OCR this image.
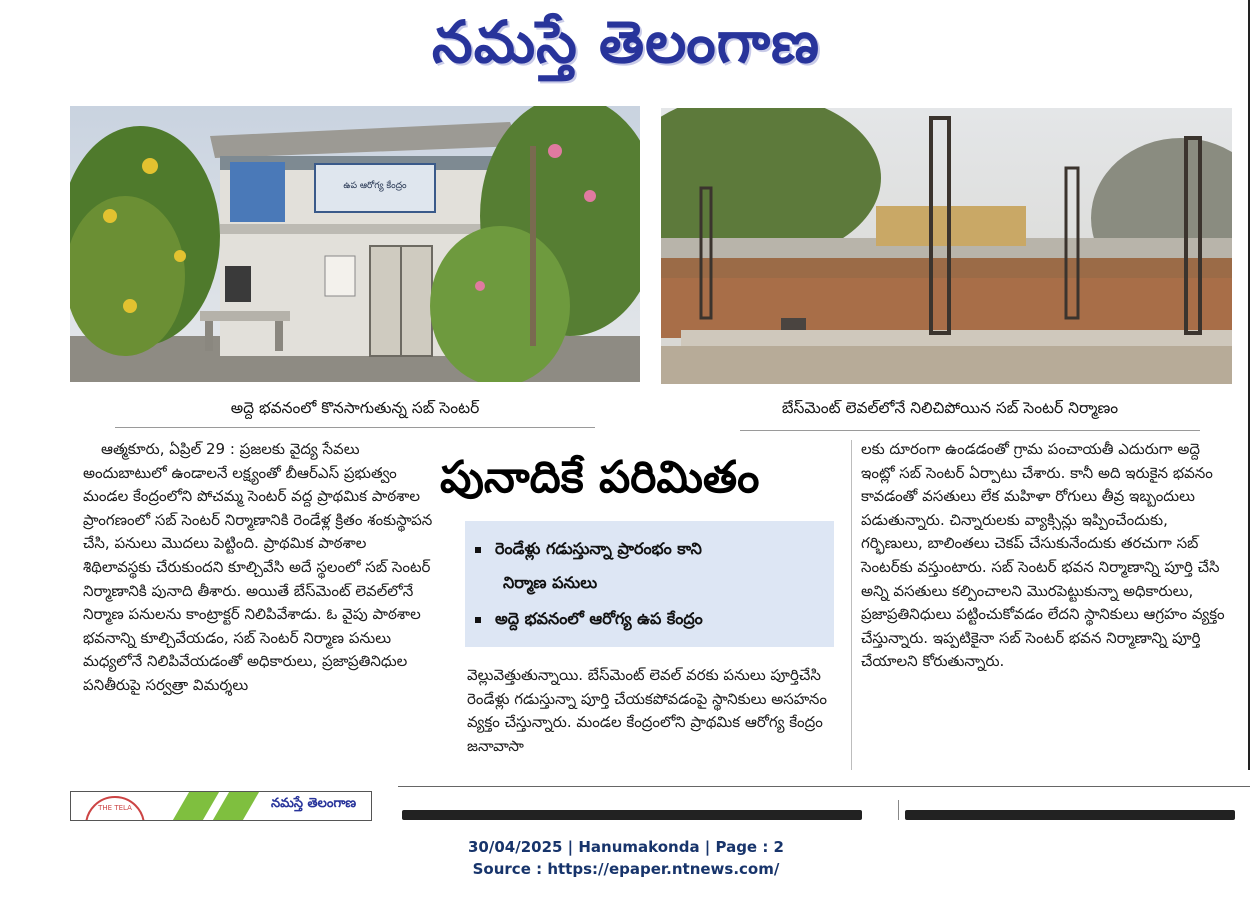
నమస్తే తెలంగాణ
ఉప ఆరోగ్య కేంద్రం
అద్దె భవనంలో కొనసాగుతున్న సబ్ సెంటర్	బేస్‌మెంట్ లెవల్‌లోనే నిలిచిపోయిన సబ్ సెంటర్ నిర్మాణం

ఆత్మకూరు, ఏప్రిల్ 29 : ప్రజలకు వైద్య సేవలు అందుబాటులో ఉండాలనే లక్ష్యంతో బీఆర్‌ఎస్ ప్రభుత్వం మండల కేంద్రంలోని పోచమ్మ సెంటర్ వద్ద ప్రాథమిక పాఠశాల ప్రాంగణంలో సబ్ సెంటర్ నిర్మాణానికి రెండేళ్ల క్రితం శంకుస్థాపన చేసి, పనులు మొదలు పెట్టింది. ప్రాథమిక పాఠశాల శిథిలావస్థకు చేరుకుందని కూల్చివేసి అదే స్థలంలో సబ్ సెంటర్ నిర్మాణానికి పునాది తీశారు. అయితే బేస్‌మెంట్ లెవల్‌లోనే నిర్మాణ పనులను కాంట్రాక్టర్ నిలిపివేశాడు. ఓ వైపు పాఠశాల భవనాన్ని కూల్చివేయడం, సబ్ సెంటర్ నిర్మాణ పనులు మధ్యలోనే నిలిపివేయడంతో అధికారులు, ప్రజాప్రతినిధుల పనితీరుపై సర్వత్రా విమర్శలు

పునాదికే పరిమితం
రెండేళ్లు గడుస్తున్నా ప్రారంభం కాని
నిర్మాణ పనులు
అద్దె భవనంలో ఆరోగ్య ఉప కేంద్రం

వెల్లువెత్తుతున్నాయి. బేస్‌మెంట్ లెవల్ వరకు పనులు పూర్తిచేసి రెండేళ్లు గడుస్తున్నా పూర్తి చేయకపోవడంపై స్థానికులు అసహనం వ్యక్తం చేస్తున్నారు. మండల కేంద్రంలోని ప్రాథమిక ఆరోగ్య కేంద్రం జనావాసా

లకు దూరంగా ఉండడంతో గ్రామ పంచాయతీ ఎదురుగా అద్దె ఇంట్లో సబ్ సెంటర్ ఏర్పాటు చేశారు. కానీ అది ఇరుకైన భవనం కావడంతో వసతులు లేక మహిళా రోగులు తీవ్ర ఇబ్బందులు పడుతున్నారు. చిన్నారులకు వ్యాక్సిన్లు ఇప్పించేందుకు, గర్భిణులు, బాలింతలు చెకప్ చేసుకునేందుకు తరచుగా సబ్ సెంటర్‌కు వస్తుంటారు. సబ్ సెంటర్ భవన నిర్మాణాన్ని పూర్తి చేసి అన్ని వసతులు కల్పించాలని మొరపెట్టుకున్నా అధికారులు, ప్రజాప్రతినిధులు పట్టించుకోవడం లేదని స్థానికులు ఆగ్రహం వ్యక్తం చేస్తున్నారు. ఇప్పటికైనా సబ్ సెంటర్ భవన నిర్మాణాన్ని పూర్తి చేయాలని కోరుతున్నారు.

THE TELA	నమస్తే తెలంగాణ
30/04/2025 | Hanumakonda | Page : 2
Source : https://epaper.ntnews.com/
